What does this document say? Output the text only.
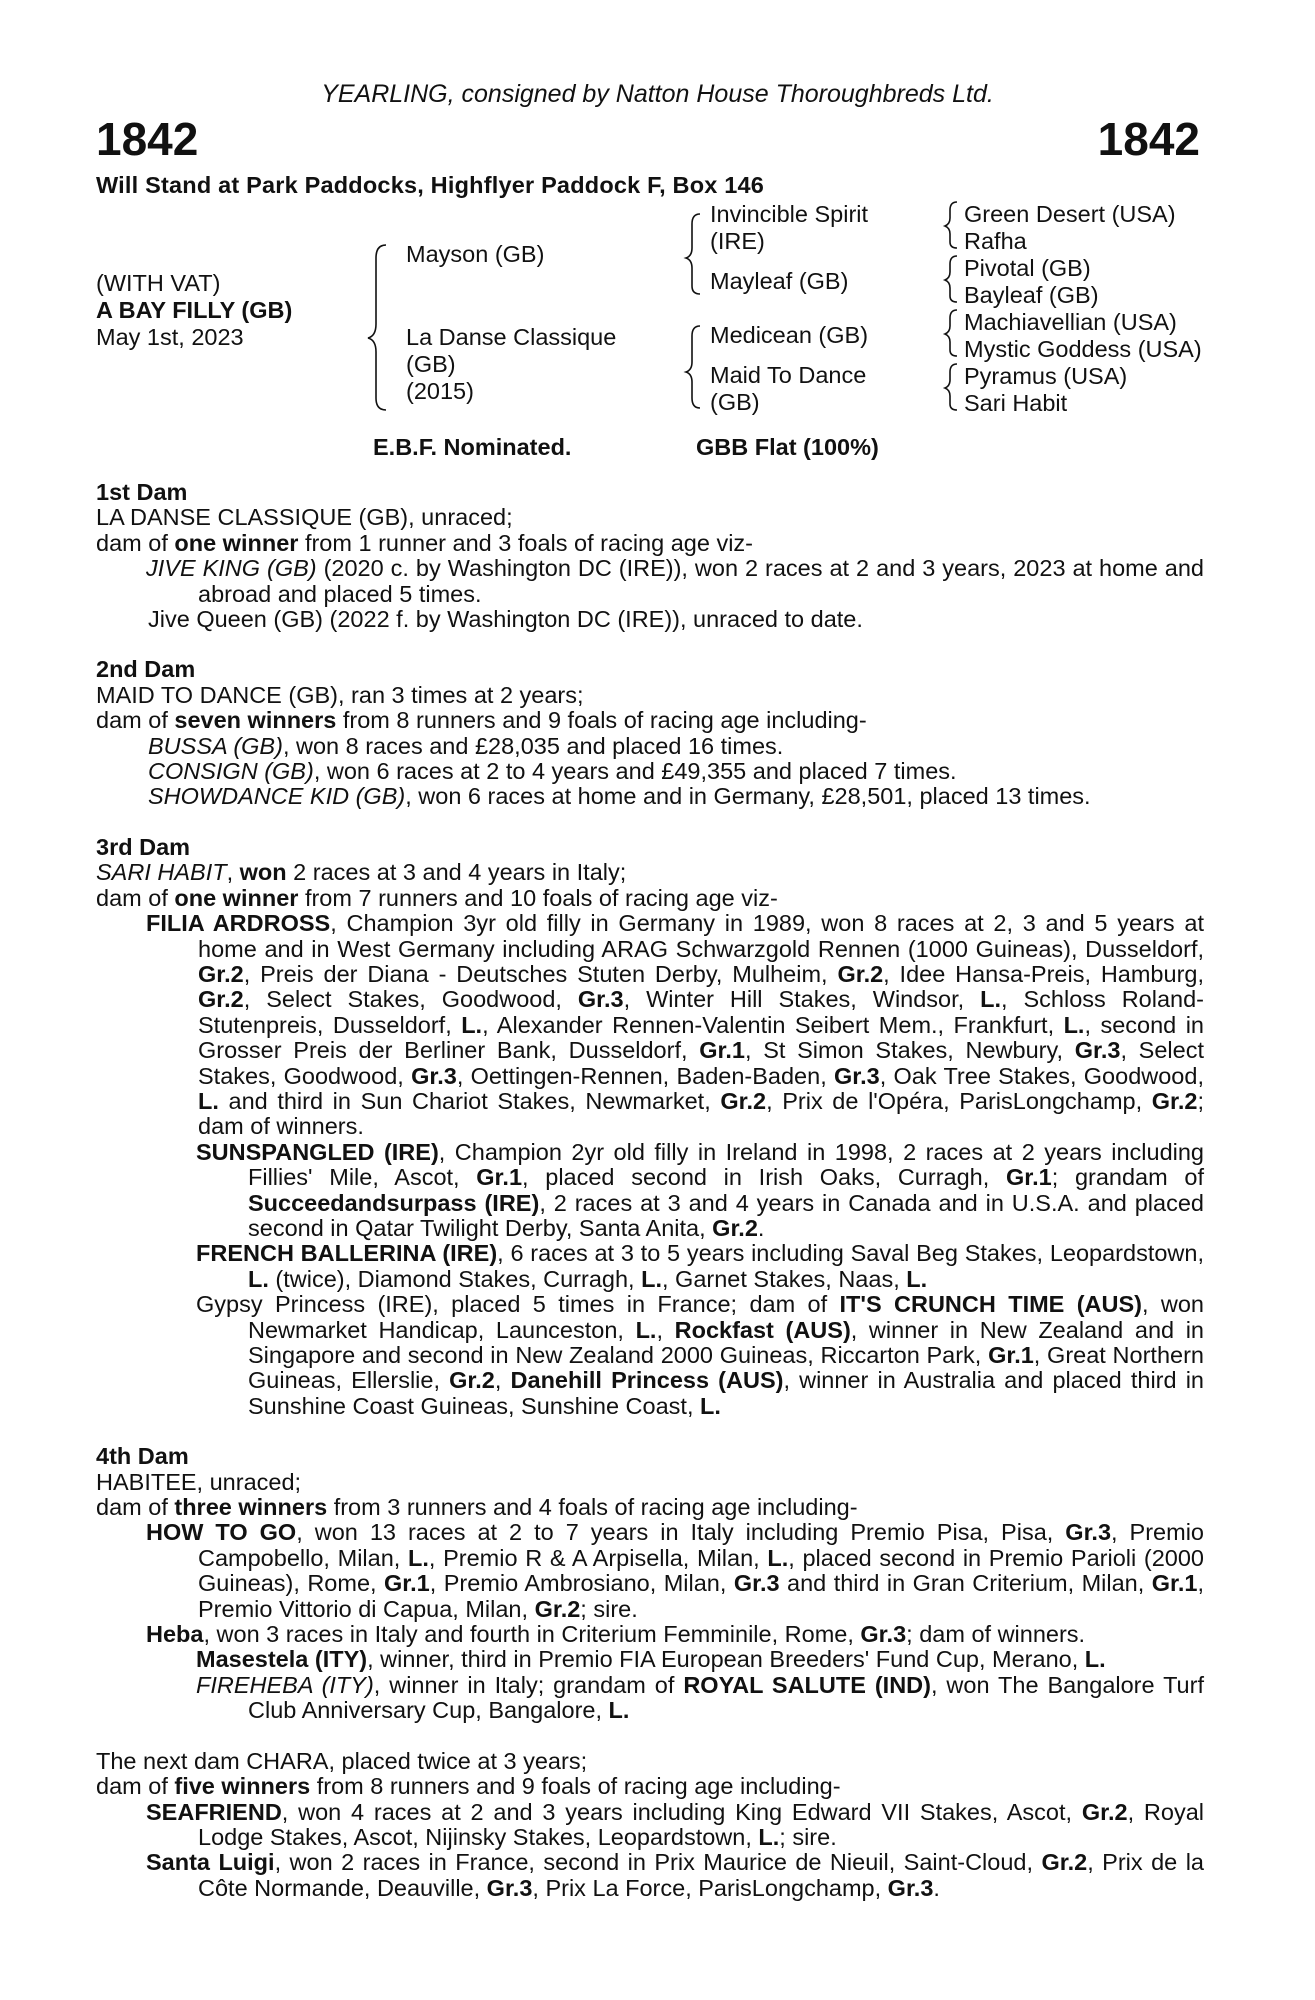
YEARLING, consigned by Natton House Thoroughbreds Ltd.
1842	1842
Will Stand at Park Paddocks, Highflyer Paddock F, Box 146
(WITH VAT)
A BAY FILLY (GB)
May 1st, 2023
Mayson (GB)
La Danse Classique
(GB)
(2015)
Invincible Spirit
(IRE)
Mayleaf (GB)
Medicean (GB)
Maid To Dance
(GB)
Green Desert (USA)
Rafha
Pivotal (GB)
Bayleaf (GB)
Machiavellian (USA)
Mystic Goddess (USA)
Pyramus (USA)
Sari Habit
E.B.F. Nominated.	GBB Flat (100%)
1st Dam
LA DANSE CLASSIQUE (GB), unraced;
dam of one winner from 1 runner and 3 foals of racing age viz-
JIVE KING (GB) (2020 c. by Washington DC (IRE)), won 2 races at 2 and 3 years, 2023 at home and abroad and placed 5 times.
Jive Queen (GB) (2022 f. by Washington DC (IRE)), unraced to date.
2nd Dam
MAID TO DANCE (GB), ran 3 times at 2 years;
dam of seven winners from 8 runners and 9 foals of racing age including-
BUSSA (GB), won 8 races and £28,035 and placed 16 times.
CONSIGN (GB), won 6 races at 2 to 4 years and £49,355 and placed 7 times.
SHOWDANCE KID (GB), won 6 races at home and in Germany, £28,501, placed 13 times.
3rd Dam
SARI HABIT, won 2 races at 3 and 4 years in Italy;
dam of one winner from 7 runners and 10 foals of racing age viz-
FILIA ARDROSS, Champion 3yr old filly in Germany in 1989, won 8 races at 2, 3 and 5 years at home and in West Germany including ARAG Schwarzgold Rennen (1000 Guineas), Dusseldorf, Gr.2, Preis der Diana - Deutsches Stuten Derby, Mulheim, Gr.2, Idee Hansa-Preis, Hamburg, Gr.2, Select Stakes, Goodwood, Gr.3, Winter Hill Stakes, Windsor, L., Schloss Roland-Stutenpreis, Dusseldorf, L., Alexander Rennen-Valentin Seibert Mem., Frankfurt, L., second in Grosser Preis der Berliner Bank, Dusseldorf, Gr.1, St Simon Stakes, Newbury, Gr.3, Select Stakes, Goodwood, Gr.3, Oettingen-Rennen, Baden-Baden, Gr.3, Oak Tree Stakes, Goodwood, L. and third in Sun Chariot Stakes, Newmarket, Gr.2, Prix de l'Opéra, ParisLongchamp, Gr.2; dam of winners.
SUNSPANGLED (IRE), Champion 2yr old filly in Ireland in 1998, 2 races at 2 years including Fillies' Mile, Ascot, Gr.1, placed second in Irish Oaks, Curragh, Gr.1; grandam of Succeedandsurpass (IRE), 2 races at 3 and 4 years in Canada and in U.S.A. and placed second in Qatar Twilight Derby, Santa Anita, Gr.2.
FRENCH BALLERINA (IRE), 6 races at 3 to 5 years including Saval Beg Stakes, Leopardstown, L. (twice), Diamond Stakes, Curragh, L., Garnet Stakes, Naas, L.
Gypsy Princess (IRE), placed 5 times in France; dam of IT'S CRUNCH TIME (AUS), won Newmarket Handicap, Launceston, L., Rockfast (AUS), winner in New Zealand and in Singapore and second in New Zealand 2000 Guineas, Riccarton Park, Gr.1, Great Northern Guineas, Ellerslie, Gr.2, Danehill Princess (AUS), winner in Australia and placed third in Sunshine Coast Guineas, Sunshine Coast, L.
4th Dam
HABITEE, unraced;
dam of three winners from 3 runners and 4 foals of racing age including-
HOW TO GO, won 13 races at 2 to 7 years in Italy including Premio Pisa, Pisa, Gr.3, Premio Campobello, Milan, L., Premio R & A Arpisella, Milan, L., placed second in Premio Parioli (2000 Guineas), Rome, Gr.1, Premio Ambrosiano, Milan, Gr.3 and third in Gran Criterium, Milan, Gr.1, Premio Vittorio di Capua, Milan, Gr.2; sire.
Heba, won 3 races in Italy and fourth in Criterium Femminile, Rome, Gr.3; dam of winners.
Masestela (ITY), winner, third in Premio FIA European Breeders' Fund Cup, Merano, L.
FIREHEBA (ITY), winner in Italy; grandam of ROYAL SALUTE (IND), won The Bangalore Turf Club Anniversary Cup, Bangalore, L.
The next dam CHARA, placed twice at 3 years;
dam of five winners from 8 runners and 9 foals of racing age including-
SEAFRIEND, won 4 races at 2 and 3 years including King Edward VII Stakes, Ascot, Gr.2, Royal Lodge Stakes, Ascot, Nijinsky Stakes, Leopardstown, L.; sire.
Santa Luigi, won 2 races in France, second in Prix Maurice de Nieuil, Saint-Cloud, Gr.2, Prix de la Côte Normande, Deauville, Gr.3, Prix La Force, ParisLongchamp, Gr.3.
